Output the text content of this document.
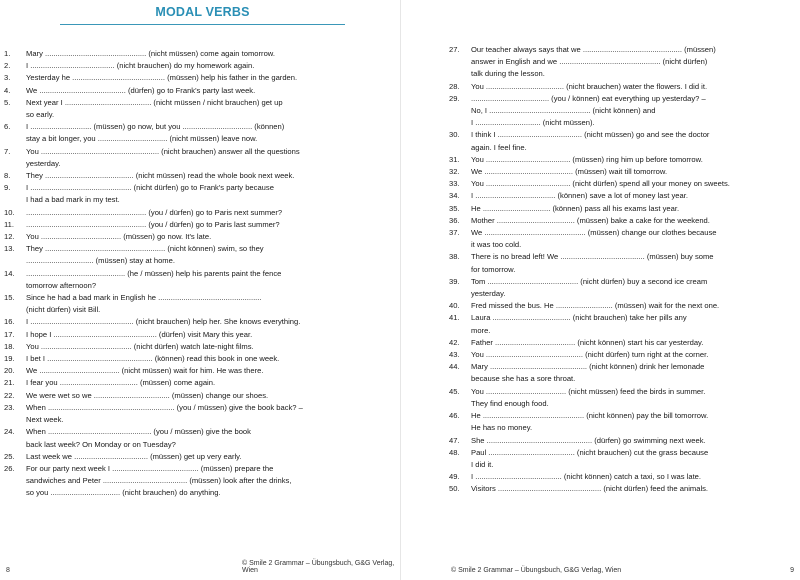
MODAL VERBS
1.	Mary ................................................ (nicht müssen) come again tomorrow.
2.	I ........................................ (nicht brauchen) do my homework again.
3.	Yesterday he ............................................ (müssen) help his father in the garden.
4.	We ......................................... (dürfen) go to Frank's party last week.
5.	Next year I ......................................... (nicht müssen / nicht brauchen) get up
so early.
6.	I ............................. (müssen) go now, but you ................................. (können)
stay a bit longer, you ................................. (nicht müssen) leave now.
7.	You ........................................................ (nicht brauchen) answer all the questions
yesterday.
8.	They .......................................... (nicht müssen) read the whole book next week.
9.	I ................................................ (nicht dürfen) go to Frank's party because
I had a bad mark in my test.
10.	......................................................... (you / dürfen) go to Paris next summer?
11.	......................................................... (you / dürfen) go to Paris last summer?
12.	You ...................................... (müssen) go now. It's late.
13.	They ......................................................... (nicht können) swim, so they
................................ (müssen) stay at home.
14.	............................................... (he / müssen) help his parents paint the fence
tomorrow afternoon?
15.	Since he had a bad mark in English he .................................................
(nicht dürfen) visit Bill.
16.	I ................................................. (nicht brauchen) help her. She knows everything.
17.	I hope I ................................................. (dürfen) visit Mary this year.
18.	You ........................................... (nicht dürfen) watch late-night films.
19.	I bet I .................................................. (können) read this book in one week.
20.	We ...................................... (nicht müssen) wait for him. He was there.
21.	I fear you ..................................... (müssen) come again.
22.	We were wet so we .................................... (müssen) change our shoes.
23.	When ............................................................ (you / müssen) give the book back? –
Next week.
24.	When ................................................. (you / müssen) give the book
back last week? On Monday or on Tuesday?
25.	Last week we ................................... (müssen) get up very early.
26.	For our party next week I ......................................... (müssen) prepare the
sandwiches and Peter ........................................ (müssen) look after the drinks,
so you ................................. (nicht brauchen) do anything.
8
© Smile 2 Grammar – Übungsbuch, G&G Verlag, Wien
27.	Our teacher always says that we ............................................... (müssen)
answer in English and we ................................................ (nicht dürfen)
talk during the lesson.
28.	You ..................................... (nicht brauchen) water the flowers. I did it.
29.	..................................... (you / können) eat everything up yesterday? –
No, I ................................................ (nicht können) and
I ............................... (nicht müssen).
30.	I think I ........................................ (nicht müssen) go and see the doctor
again. I feel fine.
31.	You ........................................ (müssen) ring him up before tomorrow.
32.	We .......................................... (müssen) wait till tomorrow.
33.	You ........................................ (nicht dürfen) spend all your money on sweets.
34.	I ...................................... (können) save a lot of money last year.
35.	He ................................ (können) pass all his exams last year.
36.	Mother ..................................... (müssen) bake a cake for the weekend.
37.	We ................................................ (müssen) change our clothes because
it was too cold.
38.	There is no bread left! We ........................................ (müssen) buy some
for tomorrow.
39.	Tom ........................................... (nicht dürfen) buy a second ice cream
yesterday.
40.	Fred missed the bus. He ........................... (müssen) wait for the next one.
41.	Laura ..................................... (nicht brauchen) take her pills any
more.
42.	Father ...................................... (nicht können) start his car yesterday.
43.	You .............................................. (nicht dürfen) turn right at the corner.
44.	Mary .............................................. (nicht können) drink her lemonade
because she has a sore throat.
45.	You ...................................... (nicht müssen) feed the birds in summer.
They find enough food.
46.	He ................................................ (nicht können) pay the bill tomorrow.
He has no money.
47.	She .................................................. (dürfen) go swimming next week.
48.	Paul ......................................... (nicht brauchen) cut the grass because
I did it.
49.	I ......................................... (nicht können) catch a taxi, so I was late.
50.	Visitors ................................................. (nicht dürfen) feed the animals.
© Smile 2 Grammar – Übungsbuch, G&G Verlag, Wien	9
